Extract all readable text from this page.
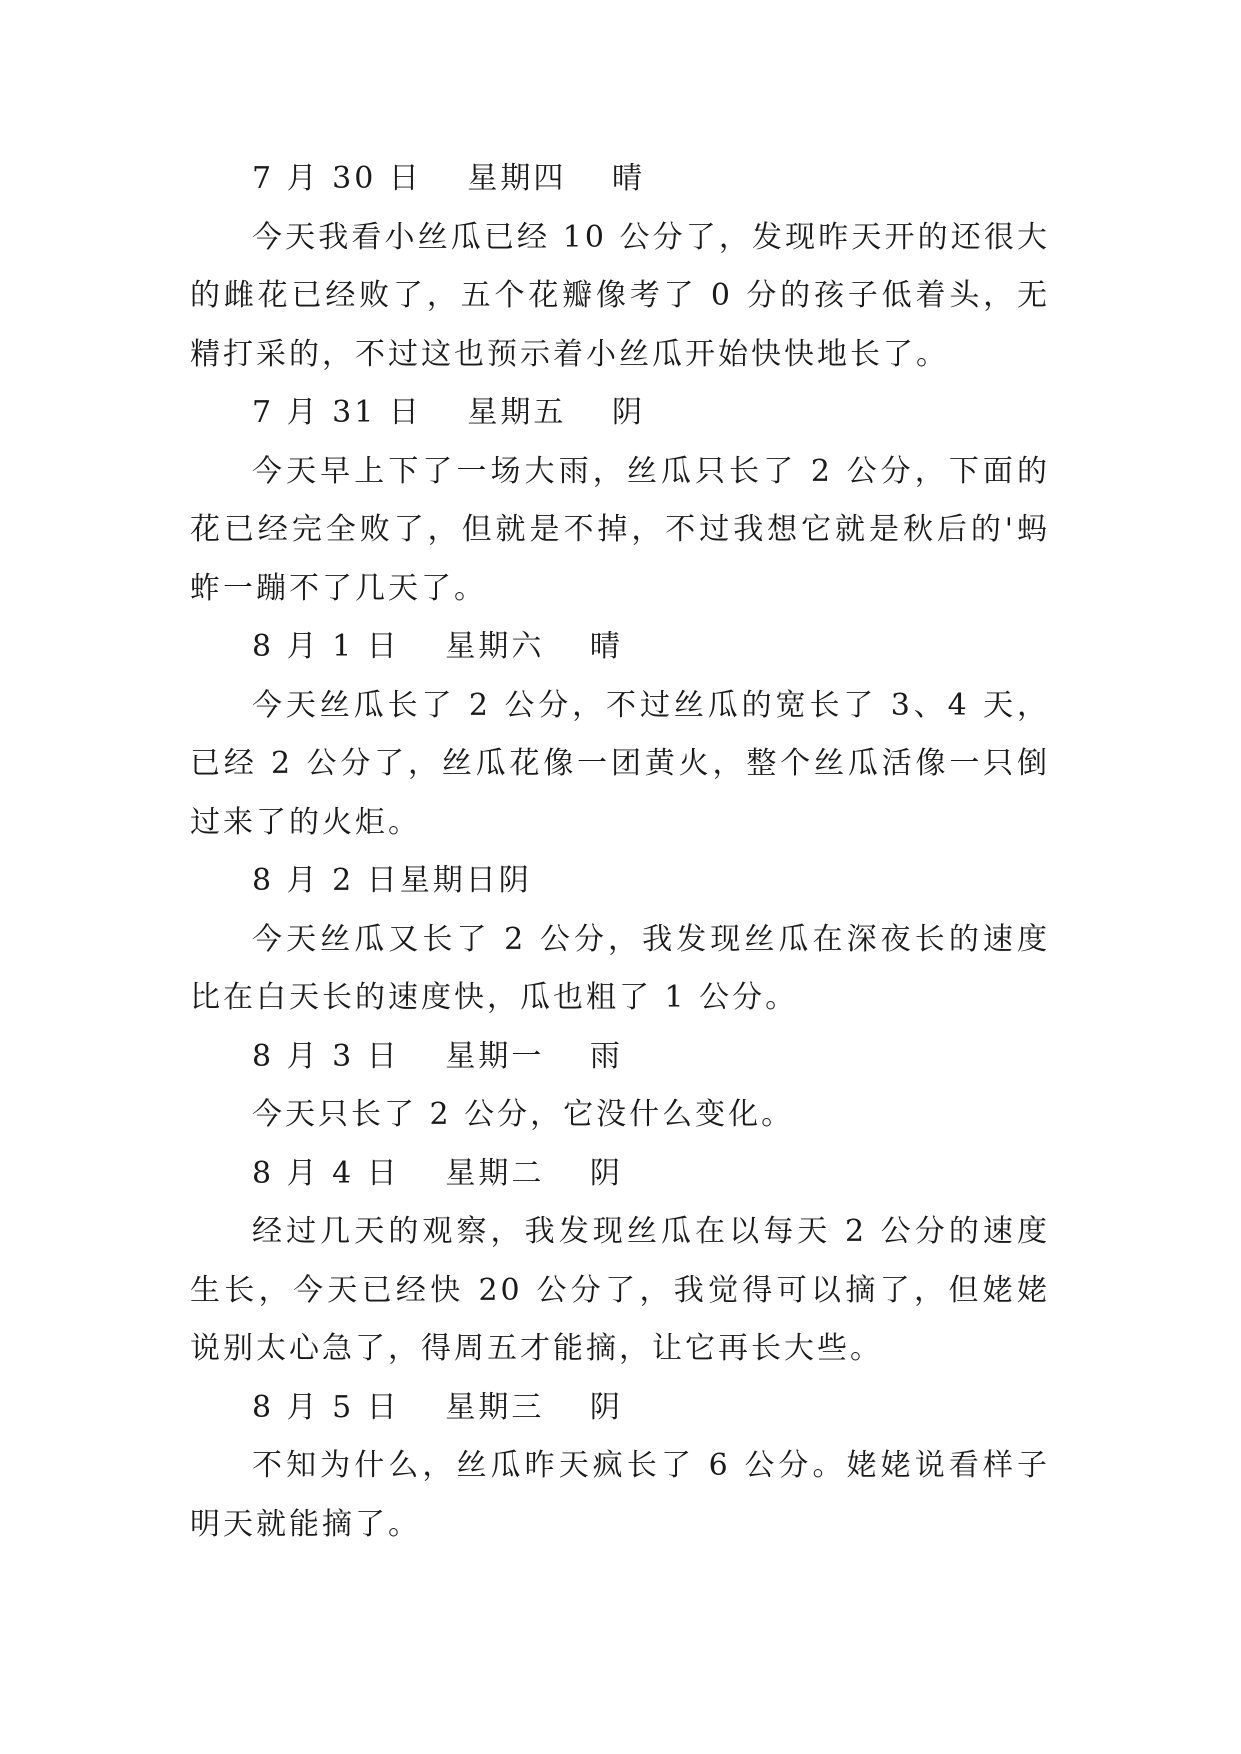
7 月 30 日　 星期四　 晴

今天我看小丝瓜已经 10 公分了，发现昨天开的还很大的雌花已经败了，五个花瓣像考了 0 分的孩子低着头，无精打采的，不过这也预示着小丝瓜开始快快地长了。

7 月 31 日　 星期五　 阴

今天早上下了一场大雨，丝瓜只长了 2 公分，下面的花已经完全败了，但就是不掉，不过我想它就是秋后的'蚂蚱一蹦不了几天了。

8 月 1 日　 星期六　 晴

今天丝瓜长了 2 公分，不过丝瓜的宽长了 3、4 天，已经 2 公分了，丝瓜花像一团黄火，整个丝瓜活像一只倒过来了的火炬。

8 月 2 日星期日阴

今天丝瓜又长了 2 公分，我发现丝瓜在深夜长的速度比在白天长的速度快，瓜也粗了 1 公分。

8 月 3 日　 星期一　 雨

今天只长了 2 公分，它没什么变化。

8 月 4 日　 星期二　 阴

经过几天的观察，我发现丝瓜在以每天 2 公分的速度生长，今天已经快 20 公分了，我觉得可以摘了，但姥姥说别太心急了，得周五才能摘，让它再长大些。

8 月 5 日　 星期三　 阴

不知为什么，丝瓜昨天疯长了 6 公分。姥姥说看样子明天就能摘了。
